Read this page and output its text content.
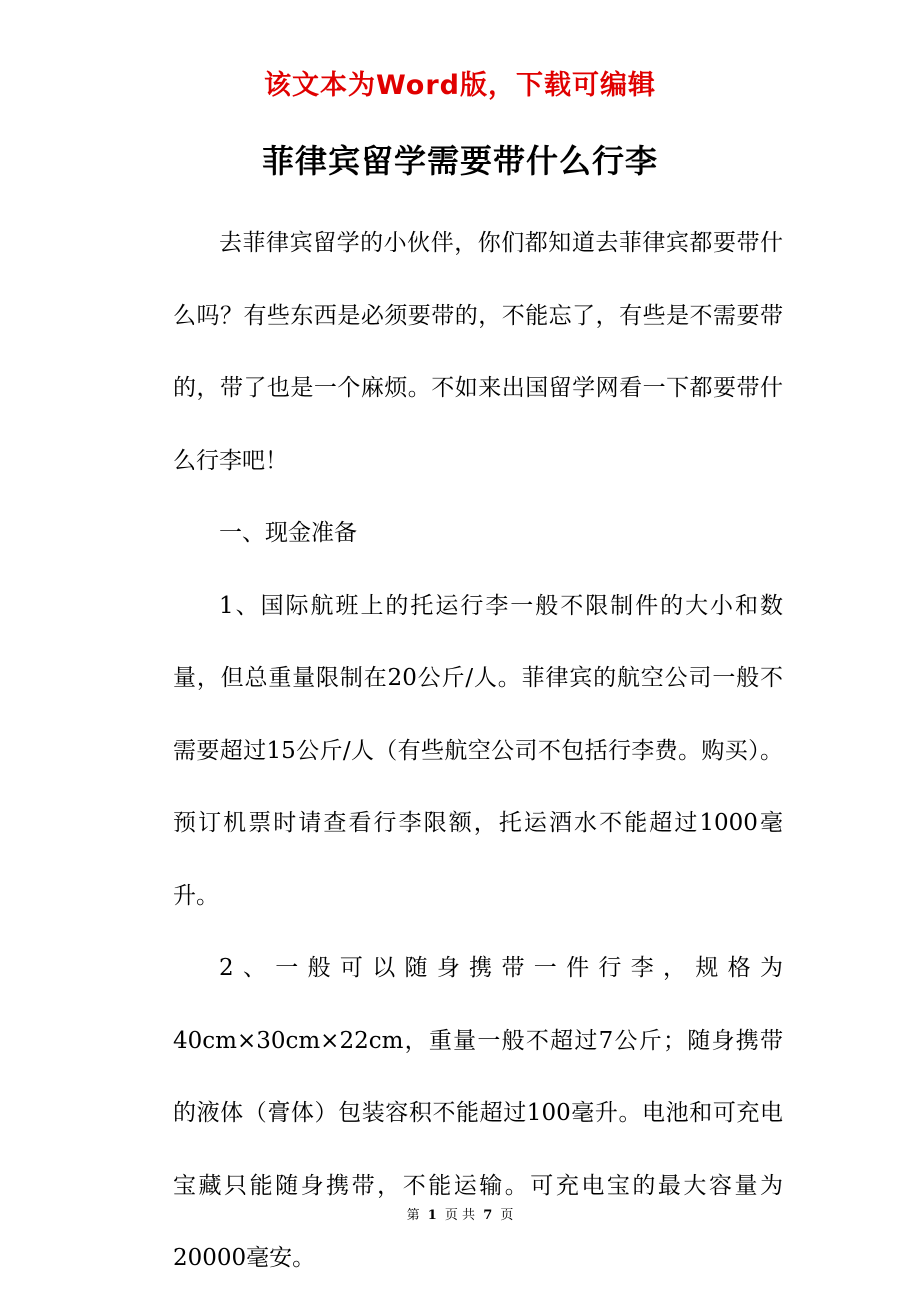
该文本为Word版，下载可编辑
菲律宾留学需要带什么行李

去菲律宾留学的小伙伴，你们都知道去菲律宾都要带什么吗？有些东西是必须要带的，不能忘了，有些是不需要带的，带了也是一个麻烦。不如来出国留学网看一下都要带什么行李吧！

一、现金准备

1、国际航班上的托运行李一般不限制件的大小和数量，但总重量限制在20公斤/人。菲律宾的航空公司一般不需要超过15公斤/人（有些航空公司不包括行李费。购买）。预订机票时请查看行李限额，托运酒水不能超过1000毫升。

2、一般可以随身携带一件行李，规格为40cm×30cm×22cm，重量一般不超过7公斤；随身携带的液体（膏体）包装容积不能超过100毫升。电池和可充电宝藏只能随身携带，不能运输。可充电宝的最大容量为20000毫安。

第 1 页 共 7 页
